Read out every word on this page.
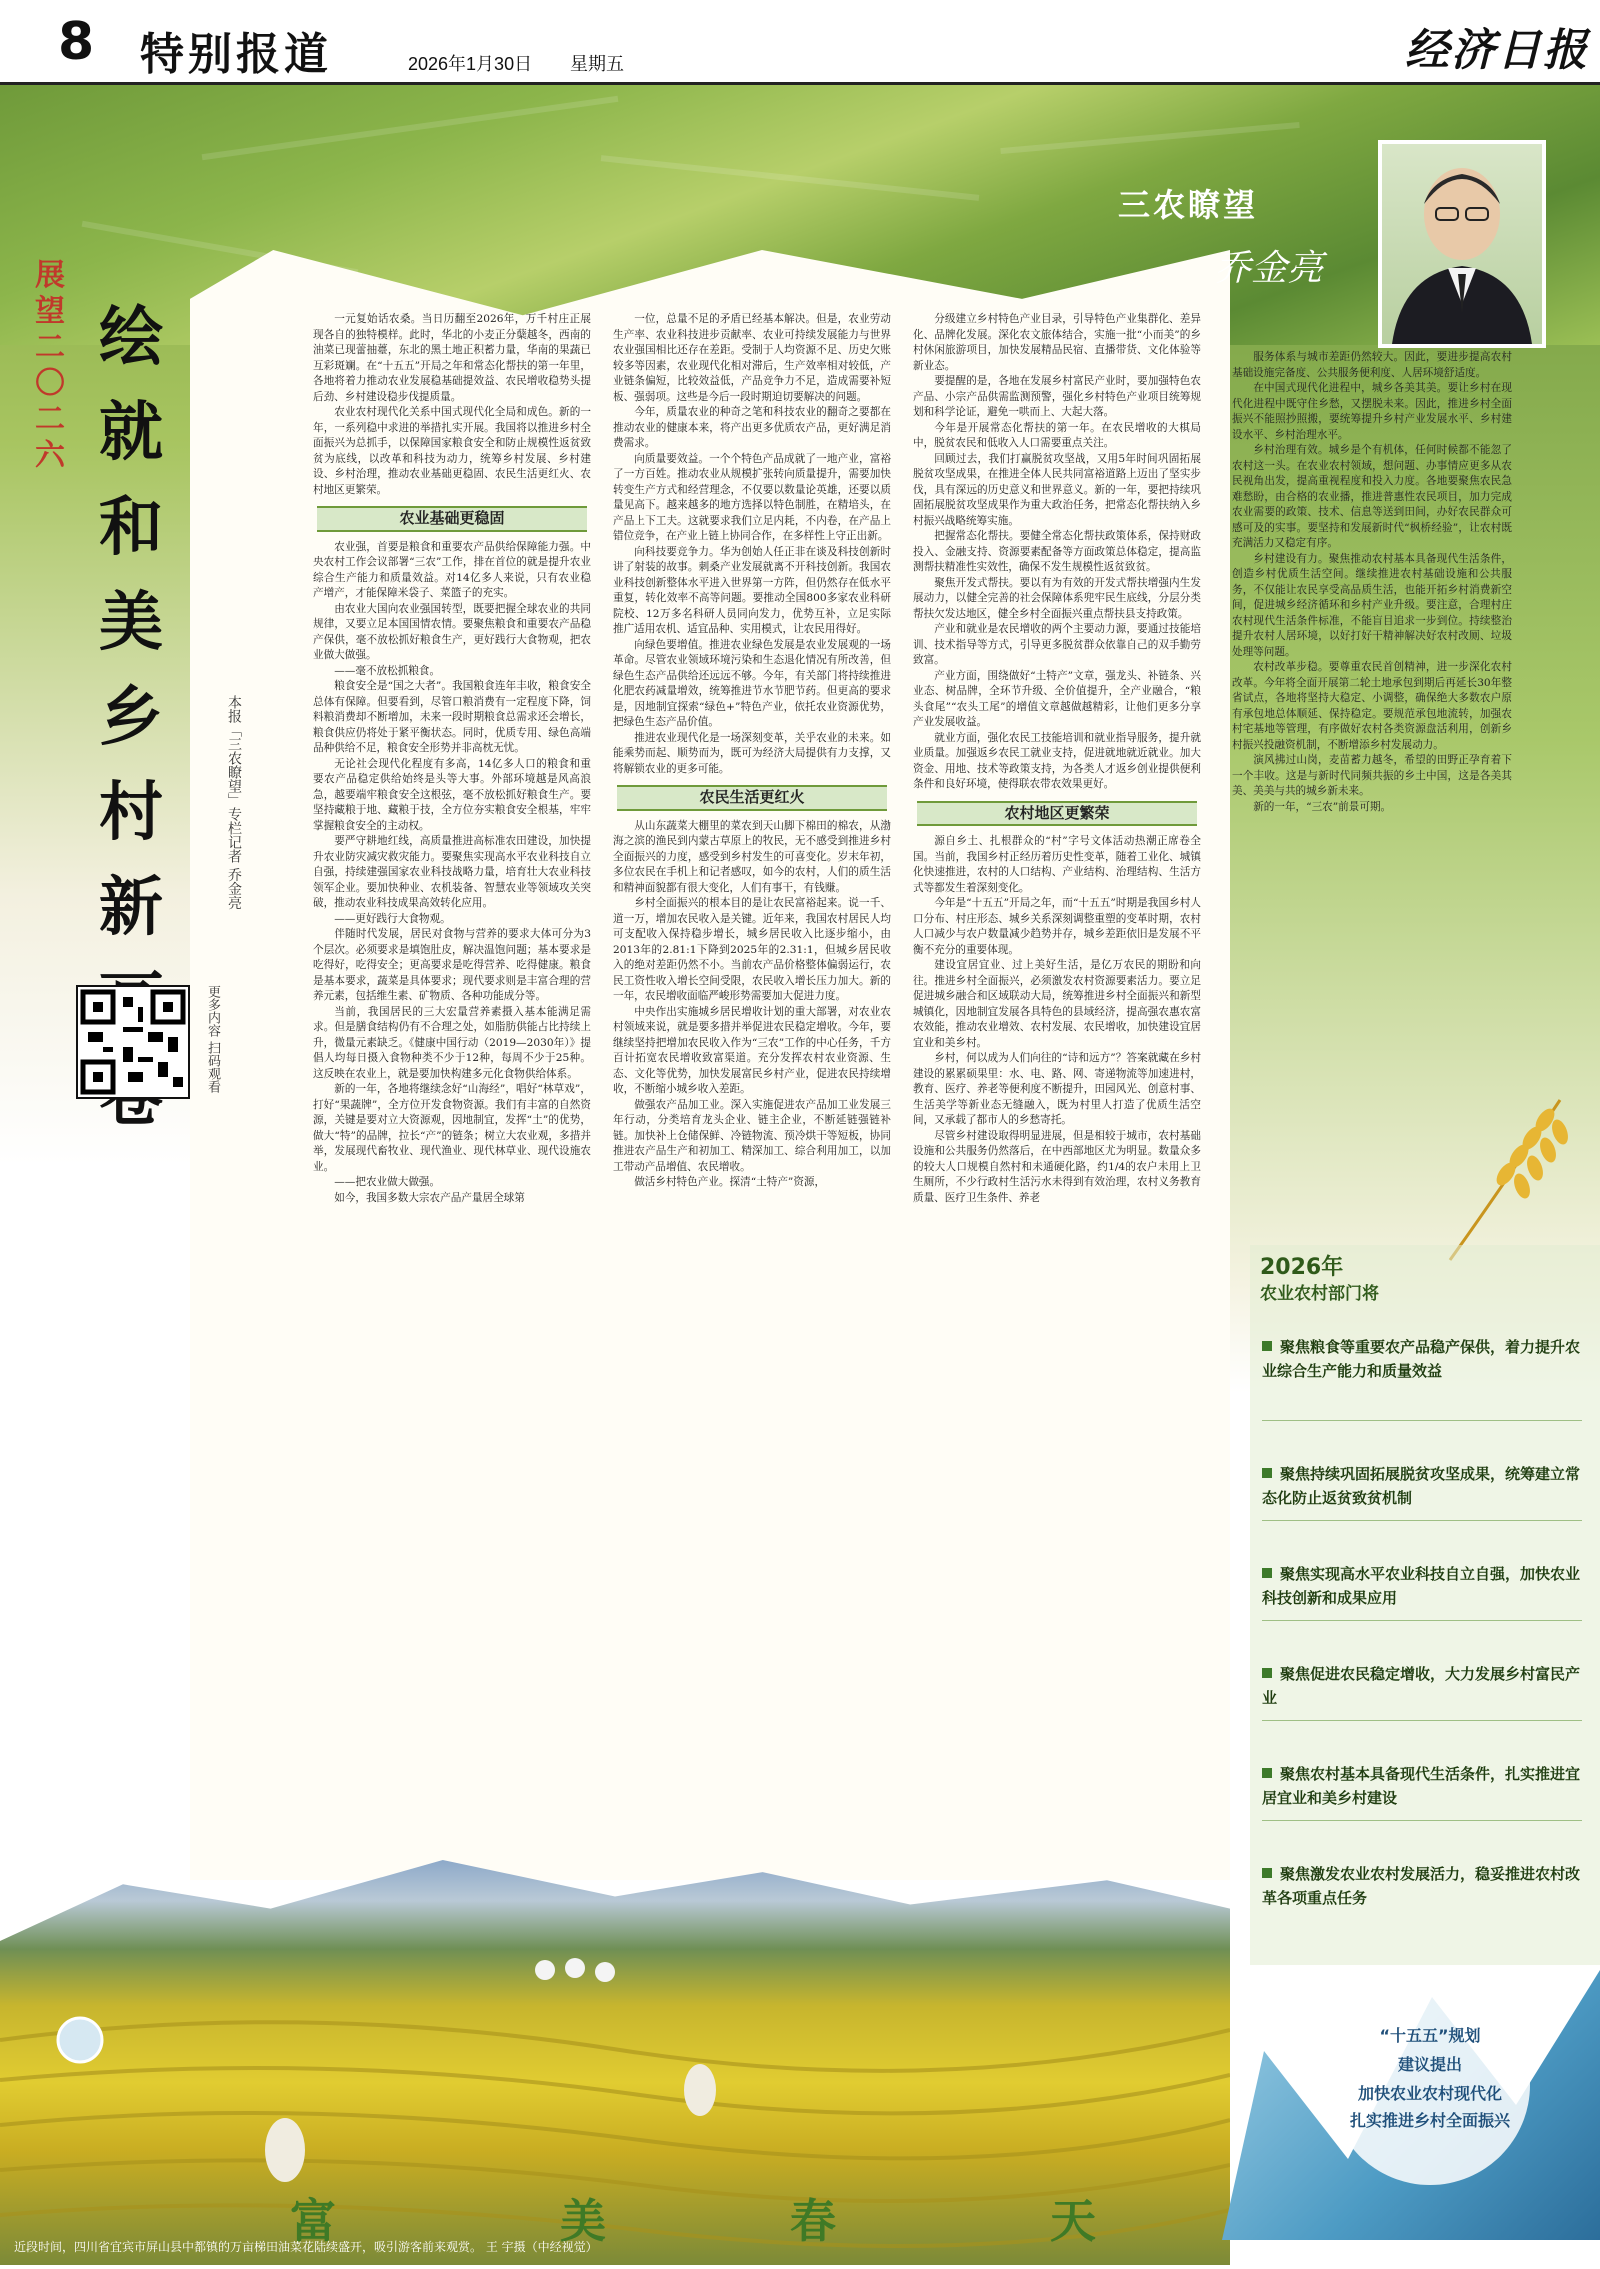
8 特别报道	2026年1月30日 星期五	经济日报
三农瞭望
乔金亮
展
望
二
〇
二
六
绘
就
和
美
乡
村
新	本报「三农瞭望」专栏记者 乔金亮
更多内容 扫码观看

一元复始话农桑。当日历翻至2026年，万千村庄正展现各自的独特模样。此时，华北的小麦正分蘖越冬，西南的油菜已现蕾抽薹，东北的黑土地正积蓄力量，华南的果蔬已互彩斑斓。在“十五五”开局之年和常态化帮扶的第一年里，各地将着力推动农业发展稳基础提效益、农民增收稳势头提后劲、乡村建设稳步伐提质量。

农业农村现代化关系中国式现代化全局和成色。新的一年，一系列稳中求进的举措扎实开展。我国将以推进乡村全面振兴为总抓手，以保障国家粮食安全和防止规模性返贫致贫为底线，以改革和科技为动力，统筹乡村发展、乡村建设、乡村治理，推动农业基础更稳固、农民生活更红火、农村地区更繁荣。

农业基础更稳固

农业强，首要是粮食和重要农产品供给保障能力强。中央农村工作会议部署“三农”工作，排在首位的就是提升农业综合生产能力和质量效益。对14亿多人来说，只有农业稳产增产，才能保障米袋子、菜篮子的充实。

由农业大国向农业强国转型，既要把握全球农业的共同规律，又要立足本国国情农情。要聚焦粮食和重要农产品稳产保供，毫不放松抓好粮食生产，更好践行大食物观，把农业做大做强。

——毫不放松抓粮食。

粮食安全是“国之大者”。我国粮食连年丰收，粮食安全总体有保障。但要看到，尽管口粮消费有一定程度下降，饲料粮消费却不断增加，未来一段时期粮食总需求还会增长，粮食供应仍将处于紧平衡状态。同时，优质专用、绿色高端品种供给不足，粮食安全形势并非高枕无忧。

无论社会现代化程度有多高，14亿多人口的粮食和重要农产品稳定供给始终是头等大事。外部环境越是风高浪急，越要端牢粮食安全这根弦，毫不放松抓好粮食生产。要坚持藏粮于地、藏粮于技，全方位夯实粮食安全根基，牢牢掌握粮食安全的主动权。

要严守耕地红线，高质量推进高标准农田建设，加快提升农业防灾减灾救灾能力。要聚焦实现高水平农业科技自立自强，持续建强国家农业科技战略力量，培育壮大农业科技领军企业。要加快种业、农机装备、智慧农业等领域攻关突破，推动农业科技成果高效转化应用。

——更好践行大食物观。

伴随时代发展，居民对食物与营养的要求大体可分为3个层次。必须要求是填饱肚皮，解决温饱问题；基本要求是吃得好，吃得安全；更高要求是吃得营养、吃得健康。粮食是基本要求，蔬菜是具体要求；现代要求则是丰富合理的营养元素，包括维生素、矿物质、各种功能成分等。

当前，我国居民的三大宏量营养素摄入基本能满足需求。但是膳食结构仍有不合理之处，如脂肪供能占比持续上升，微量元素缺乏。《健康中国行动（2019—2030年）》提倡人均每日摄入食物种类不少于12种，每周不少于25种。这反映在农业上，就是要加快构建多元化食物供给体系。

新的一年，各地将继续念好“山海经”，唱好“林草戏”，打好“果蔬牌”，全方位开发食物资源。我们有丰富的自然资源，关键是要对立大资源观，因地制宜，发挥“土”的优势，做大“特”的品牌，拉长“产”的链条；树立大农业观，多措并举，发展现代畜牧业、现代渔业、现代林草业、现代设施农业。

——把农业做大做强。

如今，我国多数大宗农产品产量居全球第

一位，总量不足的矛盾已经基本解决。但是，农业劳动生产率、农业科技进步贡献率、农业可持续发展能力与世界农业强国相比还存在差距。受制于人均资源不足、历史欠账较多等因素，农业现代化相对滞后，生产效率相对较低，产业链条偏短，比较效益低，产品竞争力不足，造成需要补短板、强弱项。这些是今后一段时期迫切要解决的问题。

今年，质量农业的种奇之笔和科技农业的翻奇之要都在推动农业的健康本来，将产出更多优质农产品，更好满足消费需求。

向质量要效益。一个个特色产品成就了一地产业，富裕了一方百姓。推动农业从规模扩张转向质量提升，需要加快转变生产方式和经营理念，不仅要以数量论英雄，还要以质量见高下。越来越多的地方选择以特色制胜，在精培头，在产品上下工夫。这就要求我们立足内耗，不内卷，在产品上错位竞争，在产业上链上协同合作，在多样性上守正出新。

向科技要竞争力。华为创始人任正非在谈及科技创新时讲了射装的故事。刺桑产业发展就离不开科技创新。我国农业科技创新整体水平进入世界第一方阵，但仍然存在低水平重复，转化效率不高等问题。要推动全国800多家农业科研院校、12万多名科研人员同向发力，优势互补，立足实际推广适用农机、适宜品种、实用模式，让农民用得好。

向绿色要增值。推进农业绿色发展是农业发展观的一场革命。尽管农业领域环境污染和生态退化情况有所改善，但绿色生态产品供给还远远不够。今年，有关部门将持续推进化肥农药减量增效，统筹推进节水节肥节药。但更高的要求是，因地制宜探索“绿色+”特色产业，依托农业资源优势，把绿色生态产品价值。

推进农业现代化是一场深刻变革，关乎农业的未来。如能乘势而起、顺势而为，既可为经济大局提供有力支撑，又将解锁农业的更多可能。

农民生活更红火

从山东蔬菜大棚里的菜农到天山脚下棉田的棉农，从渤海之滨的渔民到内蒙古草原上的牧民，无不感受到推进乡村全面振兴的力度，感受到乡村发生的可喜变化。岁末年初，多位农民在手机上和记者感叹，如今的农村，人们的质生活和精神面貌都有很大变化，人们有事干，有钱赚。

乡村全面振兴的根本目的是让农民富裕起来。说一千、道一万，增加农民收入是关键。近年来，我国农村居民人均可支配收入保持稳步增长，城乡居民收入比逐步缩小，由2013年的2.81:1下降到2025年的2.31:1，但城乡居民收入的绝对差距仍然不小。当前农产品价格整体偏弱运行，农民工资性收入增长空间受限，农民收入增长压力加大。新的一年，农民增收面临严峻形势需要加大促进力度。

中央作出实施城乡居民增收计划的重大部署，对农业农村领域来说，就是要多措并举促进农民稳定增收。今年，要继续坚持把增加农民收入作为“三农”工作的中心任务，千方百计拓宽农民增收致富渠道。充分发挥农村农业资源、生态、文化等优势，加快发展富民乡村产业，促进农民持续增收，不断缩小城乡收入差距。

做强农产品加工业。深入实施促进农产品加工业发展三年行动，分类培育龙头企业、链主企业，不断延链强链补链。加快补上仓储保鲜、冷链物流、预冷烘干等短板，协同推进农产品生产和初加工、精深加工、综合利用加工，以加工带动产品增值、农民增收。

做活乡村特色产业。探清“土特产”资源，

分级建立乡村特色产业目录，引导特色产业集群化、差异化、品牌化发展。深化农文旅体结合，实施一批“小而美”的乡村休闲旅游项目，加快发展精品民宿、直播带货、文化体验等新业态。

要提醒的是，各地在发展乡村富民产业时，要加强特色农产品、小宗产品供需监测预警，强化乡村特色产业项目统筹规划和科学论证，避免一哄而上、大起大落。

今年是开展常态化帮扶的第一年。在农民增收的大棋局中，脱贫农民和低收入人口需要重点关注。

回顾过去，我们打赢脱贫攻坚战，又用5年时间巩固拓展脱贫攻坚成果，在推进全体人民共同富裕道路上迈出了坚实步伐，具有深远的历史意义和世界意义。新的一年，要把持续巩固拓展脱贫攻坚成果作为重大政治任务，把常态化帮扶纳入乡村振兴战略统筹实施。

把握常态化帮扶。要健全常态化帮扶政策体系，保持财政投入、金融支持、资源要素配备等方面政策总体稳定，提高监测帮扶精准性实效性，确保不发生规模性返贫致贫。

聚焦开发式帮扶。要以有为有效的开发式帮扶增强内生发展动力，以健全完善的社会保障体系兜牢民生底线，分层分类帮扶欠发达地区，健全乡村全面振兴重点帮扶县支持政策。

产业和就业是农民增收的两个主要动力源，要通过技能培训、技术指导等方式，引导更多脱贫群众依靠自己的双手勤劳致富。

产业方面，围绕做好“土特产”文章，强龙头、补链条、兴业态、树品牌，全环节升级、全价值提升，全产业融合，“粮头食尾”“农头工尾”的增值文章越做越精彩，让他们更多分享产业发展收益。

就业方面，强化农民工技能培训和就业指导服务，提升就业质量。加强返乡农民工就业支持，促进就地就近就业。加大资金、用地、技术等政策支持，为各类人才返乡创业提供便利条件和良好环境，使得联农带农效果更好。

农村地区更繁荣

源自乡土、扎根群众的“村”字号文体活动热潮正席卷全国。当前，我国乡村正经历着历史性变革，随着工业化、城镇化快速推进，农村的人口结构、产业结构、治理结构、生活方式等都发生着深刻变化。

今年是“十五五”开局之年，而“十五五”时期是我国乡村人口分布、村庄形态、城乡关系深刻调整重塑的变革时期，农村人口减少与农户数量减少趋势并存，城乡差距依旧是发展不平衡不充分的重要体现。

建设宜居宜业、过上美好生活，是亿万农民的期盼和向往。推进乡村全面振兴，必须激发农村资源要素活力。要立足促进城乡融合和区域联动大局，统筹推进乡村全面振兴和新型城镇化，因地制宜发展各具特色的县域经济，提高强农惠农富农效能，推动农业增效、农村发展、农民增收，加快建设宜居宜业和美乡村。

乡村，何以成为人们向往的“诗和远方”？答案就藏在乡村建设的累累硕果里：水、电、路、网、寄递物流等加速进村，教育、医疗、养老等便利度不断提升，田园风光、创意村事、生活美学等新业态无缝融入，既为村里人打造了优质生活空间，又承载了都市人的乡愁寄托。

尽管乡村建设取得明显进展，但是相较于城市，农村基础设施和公共服务仍然落后，在中西部地区尤为明显。数量众多的较大人口规模自然村和未通硬化路，约1/4的农户未用上卫生厕所，不少行政村生活污水未得到有效治理，农村义务教育质量、医疗卫生条件、养老

服务体系与城市差距仍然较大。因此，要进步提高农村基础设施完备度、公共服务便利度、人居环境舒适度。

在中国式现代化进程中，城乡各美其美。要让乡村在现代化进程中既守住乡愁，又摆脱未来。因此，推进乡村全面振兴不能照抄照搬，要统筹提升乡村产业发展水平、乡村建设水平、乡村治理水平。

乡村治理有效。城乡是个有机体，任何时候都不能忽了农村这一头。在农业农村领域，想问题、办事情应更多从农民视角出发，提高重视程度和投入力度。各地要聚焦农民急难愁盼，由合格的农业播，推进普惠性农民项目，加力完成农业需要的政策、技术、信息等送到田间，办好农民群众可感可及的实事。要坚持和发展新时代“枫桥经验”，让农村既充满活力又稳定有序。

乡村建设有力。聚焦推动农村基本具备现代生活条件，创造乡村优质生活空间。继续推进农村基础设施和公共服务，不仅能让农民享受高品质生活，也能开拓乡村消费新空间，促进城乡经济循环和乡村产业升级。要注意，合理村庄农村现代生活条件标准，不能盲目追求一步到位。持续整治提升农村人居环境，以好打好干精神解决好农村改厕、垃圾处理等问题。

农村改革步稳。要尊重农民首创精神，进一步深化农村改革。今年将全面开展第二轮土地承包到期后再延长30年整省试点，各地将坚持大稳定、小调整，确保绝大多数农户原有承包地总体顺延、保持稳定。要规范承包地流转，加强农村宅基地等管理，有序做好农村各类资源盘活利用，创新乡村振兴投融资机制，不断增添乡村发展动力。

演风拂过山岗，麦苗蓄力越冬，希望的田野正孕育着下一个丰收。这是与新时代同频共振的乡土中国，这是各美其美、美美与共的城乡新未来。

新的一年，“三农”前景可期。

2026年
农业农村部门将
聚焦粮食等重要农产品稳产保供，着力提升农业综合生产能力和质量效益
聚焦持续巩固拓展脱贫攻坚成果，统筹建立常态化防止返贫致贫机制
聚焦实现高水平农业科技自立自强，加快农业科技创新和成果应用
聚焦促进农民稳定增收，大力发展乡村富民产业
聚焦农村基本具备现代生活条件，扎实推进宜居宜业和美乡村建设
聚焦激发农业农村发展活力，稳妥推进农村改革各项重点任务
富	美	春	天
近段时间，四川省宜宾市屏山县中都镇的万亩梯田油菜花陆续盛开，吸引游客前来观赏。 王 宇摄（中经视觉）
“十五五”规划
建议提出
加快农业农村现代化
扎实推进乡村全面振兴
本版编辑 刘辛未 郭 冰 美 编 吴 迪
